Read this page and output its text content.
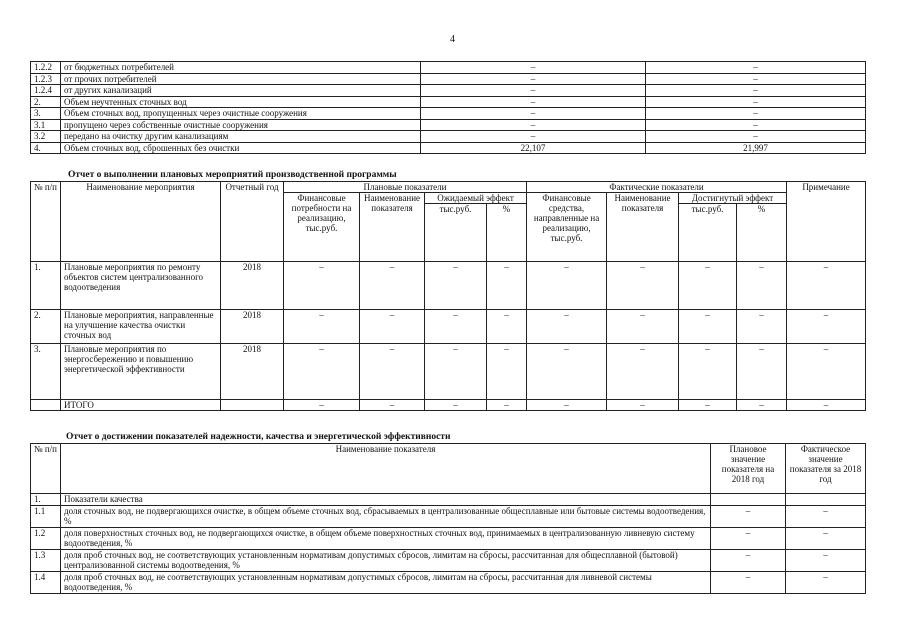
4
1.2.2	от бюджетных потребителей	–	–
1.2.3	от прочих потребителей	–	–
1.2.4	от других канализаций	–	–
2.	Объем неучтенных сточных вод	–	–
3.	Объем сточных вод, пропущенных через очистные сооружения	–	–
3.1	пропущено через собственные очистные сооружения	–	–
3.2	передано на очистку другим канализациям	–	–
4.	Объем сточных вод, сброшенных без очистки	22,107	21,997
Отчет о выполнении плановых мероприятий производственной программы
№ п/п	Наименование мероприятия	Отчетный год	Плановые показатели				Фактические показатели				Примечание
			Финансовые потребности на реализацию, тыс.руб.	Наименование показателя	Ожидаемый эффект		Финансовые средства, направленные на реализацию, тыс.руб.	Наименование показателя	Достигнутый эффект		
					тыс.руб.	%			тыс.руб.	%	
1.	Плановые мероприятия по ремонту объектов систем централизованного водоотведения	2018	–	–	–	–	–	–	–	–	–
2.	Плановые мероприятия, направленные на улучшение качества очистки сточных вод	2018	–	–	–	–	–	–	–	–	–
3.	Плановые мероприятия по энергосбережению и повышению энергетической эффективности	2018	–	–	–	–	–	–	–	–	–
	ИТОГО		–	–	–	–	–	–	–	–	–
Отчет о достижении показателей надежности, качества и энергетической эффективности
№ п/п	Наименование показателя	Плановое значение показателя на 2018 год	Фактическое значение показателя за 2018 год
1.	Показатели качества		
1.1	доля сточных вод, не подвергающихся очистке, в общем объеме сточных вод, сбрасываемых в централизованные общесплавные или бытовые системы водоотведения, %	–	–
1.2	доля поверхностных сточных вод, не подвергающихся очистке, в общем объеме поверхностных сточных вод, принимаемых в централизованную ливневую систему водоотведения, %	–	–
1.3	доля проб сточных вод, не соответствующих установленным нормативам допустимых сбросов, лимитам на сбросы, рассчитанная для общесплавной (бытовой) централизованной системы водоотведения, %	–	–
1.4	доля проб сточных вод, не соответствующих установленным нормативам допустимых сбросов, лимитам на сбросы, рассчитанная для ливневой системы водоотведения, %	–	–
